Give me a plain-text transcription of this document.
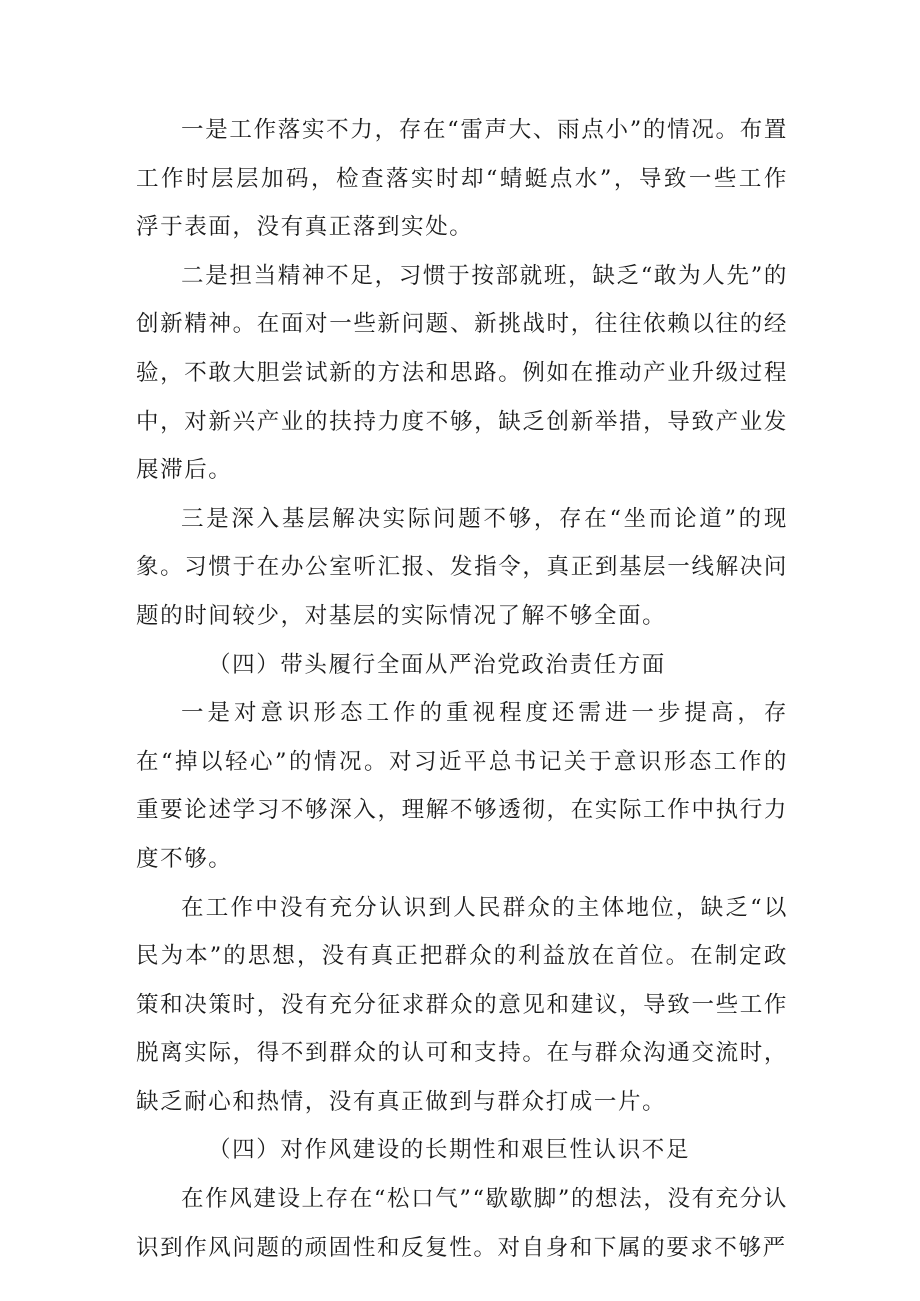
一是工作落实不力，存在“雷声大、雨点小”的情况。布置工作时层层加码，检查落实时却“蜻蜓点水”，导致一些工作浮于表面，没有真正落到实处。

二是担当精神不足，习惯于按部就班，缺乏“敢为人先”的创新精神。在面对一些新问题、新挑战时，往往依赖以往的经验，不敢大胆尝试新的方法和思路。例如在推动产业升级过程中，对新兴产业的扶持力度不够，缺乏创新举措，导致产业发展滞后。

三是深入基层解决实际问题不够，存在“坐而论道”的现象。习惯于在办公室听汇报、发指令，真正到基层一线解决问题的时间较少，对基层的实际情况了解不够全面。

（四）带头履行全面从严治党政治责任方面

一是对意识形态工作的重视程度还需进一步提高，存在“掉以轻心”的情况。对习近平总书记关于意识形态工作的重要论述学习不够深入，理解不够透彻，在实际工作中执行力度不够。

在工作中没有充分认识到人民群众的主体地位，缺乏“以民为本”的思想，没有真正把群众的利益放在首位。在制定政策和决策时，没有充分征求群众的意见和建议，导致一些工作脱离实际，得不到群众的认可和支持。在与群众沟通交流时，缺乏耐心和热情，没有真正做到与群众打成一片。

（四）对作风建设的长期性和艰巨性认识不足

在作风建设上存在“松口气”“歇歇脚”的想法，没有充分认识到作风问题的顽固性和反复性。对自身和下属的要求不够严
